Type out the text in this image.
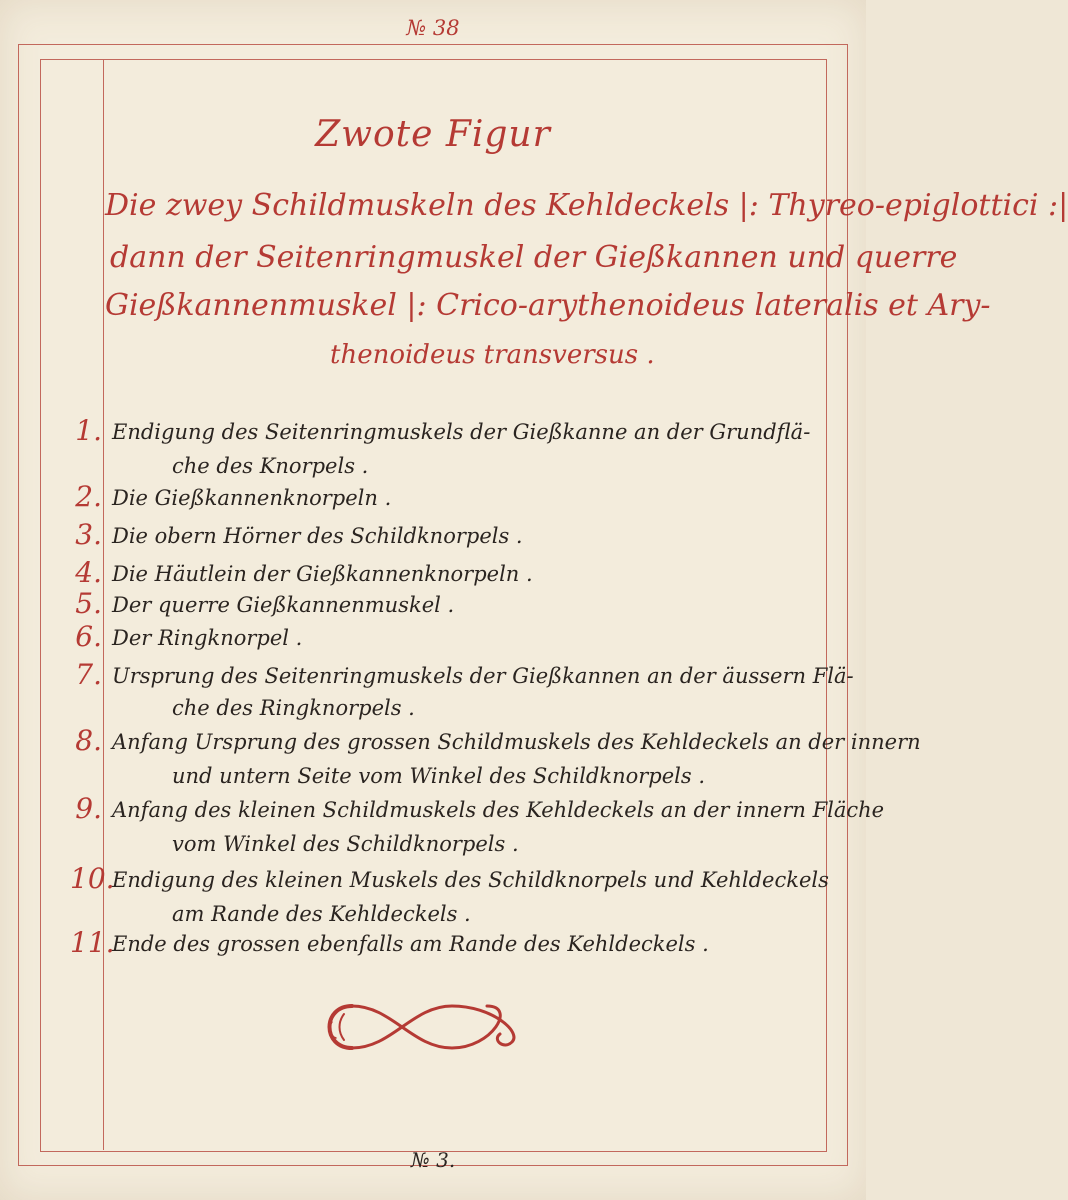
№ 38
Zwote Figur
Die zwey Schildmuskeln des Kehldeckels |: Thyreo-epiglottici :|
dann der Seitenringmuskel der Gießkannen und querre
Gießkannenmuskel |: Crico-arythenoideus lateralis et Ary-
thenoideus transversus .
1. Endigung des Seitenringmuskels der Gießkanne an der Grundflä-
che des Knorpels .
2. Die Gießkannenknorpeln .
3. Die obern Hörner des Schildknorpels .
4. Die Häutlein der Gießkannenknorpeln .
5. Der querre Gießkannenmuskel .
6. Der Ringknorpel .
7. Ursprung des Seitenringmuskels der Gießkannen an der äussern Flä-
che des Ringknorpels .
8. Anfang Ursprung des grossen Schildmuskels des Kehldeckels an der innern
und untern Seite vom Winkel des Schildknorpels .
9. Anfang des kleinen Schildmuskels des Kehldeckels an der innern Fläche
vom Winkel des Schildknorpels .
10.
Endigung des kleinen Muskels des Schildknorpels und Kehldeckels
am Rande des Kehldeckels .
11.
Ende des grossen ebenfalls am Rande des Kehldeckels .
№ 3.
